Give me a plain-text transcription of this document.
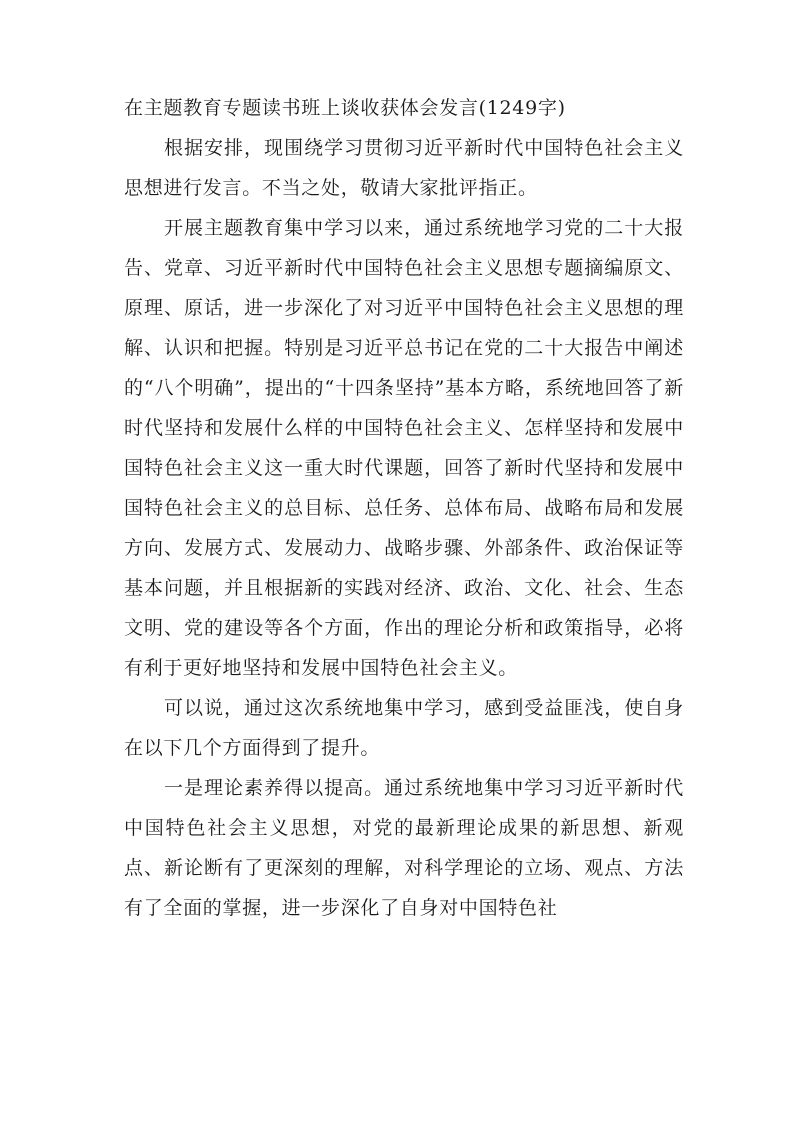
在主题教育专题读书班上谈收获体会发言(1249字)

根据安排，现围绕学习贯彻习近平新时代中国特色社会主义思想进行发言。不当之处，敬请大家批评指正。

开展主题教育集中学习以来，通过系统地学习党的二十大报告、党章、习近平新时代中国特色社会主义思想专题摘编原文、原理、原话，进一步深化了对习近平中国特色社会主义思想的理解、认识和把握。特别是习近平总书记在党的二十大报告中阐述的“八个明确”，提出的“十四条坚持”基本方略，系统地回答了新时代坚持和发展什么样的中国特色社会主义、怎样坚持和发展中国特色社会主义这一重大时代课题，回答了新时代坚持和发展中国特色社会主义的总目标、总任务、总体布局、战略布局和发展方向、发展方式、发展动力、战略步骤、外部条件、政治保证等基本问题，并且根据新的实践对经济、政治、文化、社会、生态文明、党的建设等各个方面，作出的理论分析和政策指导，必将有利于更好地坚持和发展中国特色社会主义。

可以说，通过这次系统地集中学习，感到受益匪浅，使自身在以下几个方面得到了提升。

一是理论素养得以提高。通过系统地集中学习习近平新时代中国特色社会主义思想，对党的最新理论成果的新思想、新观点、新论断有了更深刻的理解，对科学理论的立场、观点、方法有了全面的掌握，进一步深化了自身对中国特色社
